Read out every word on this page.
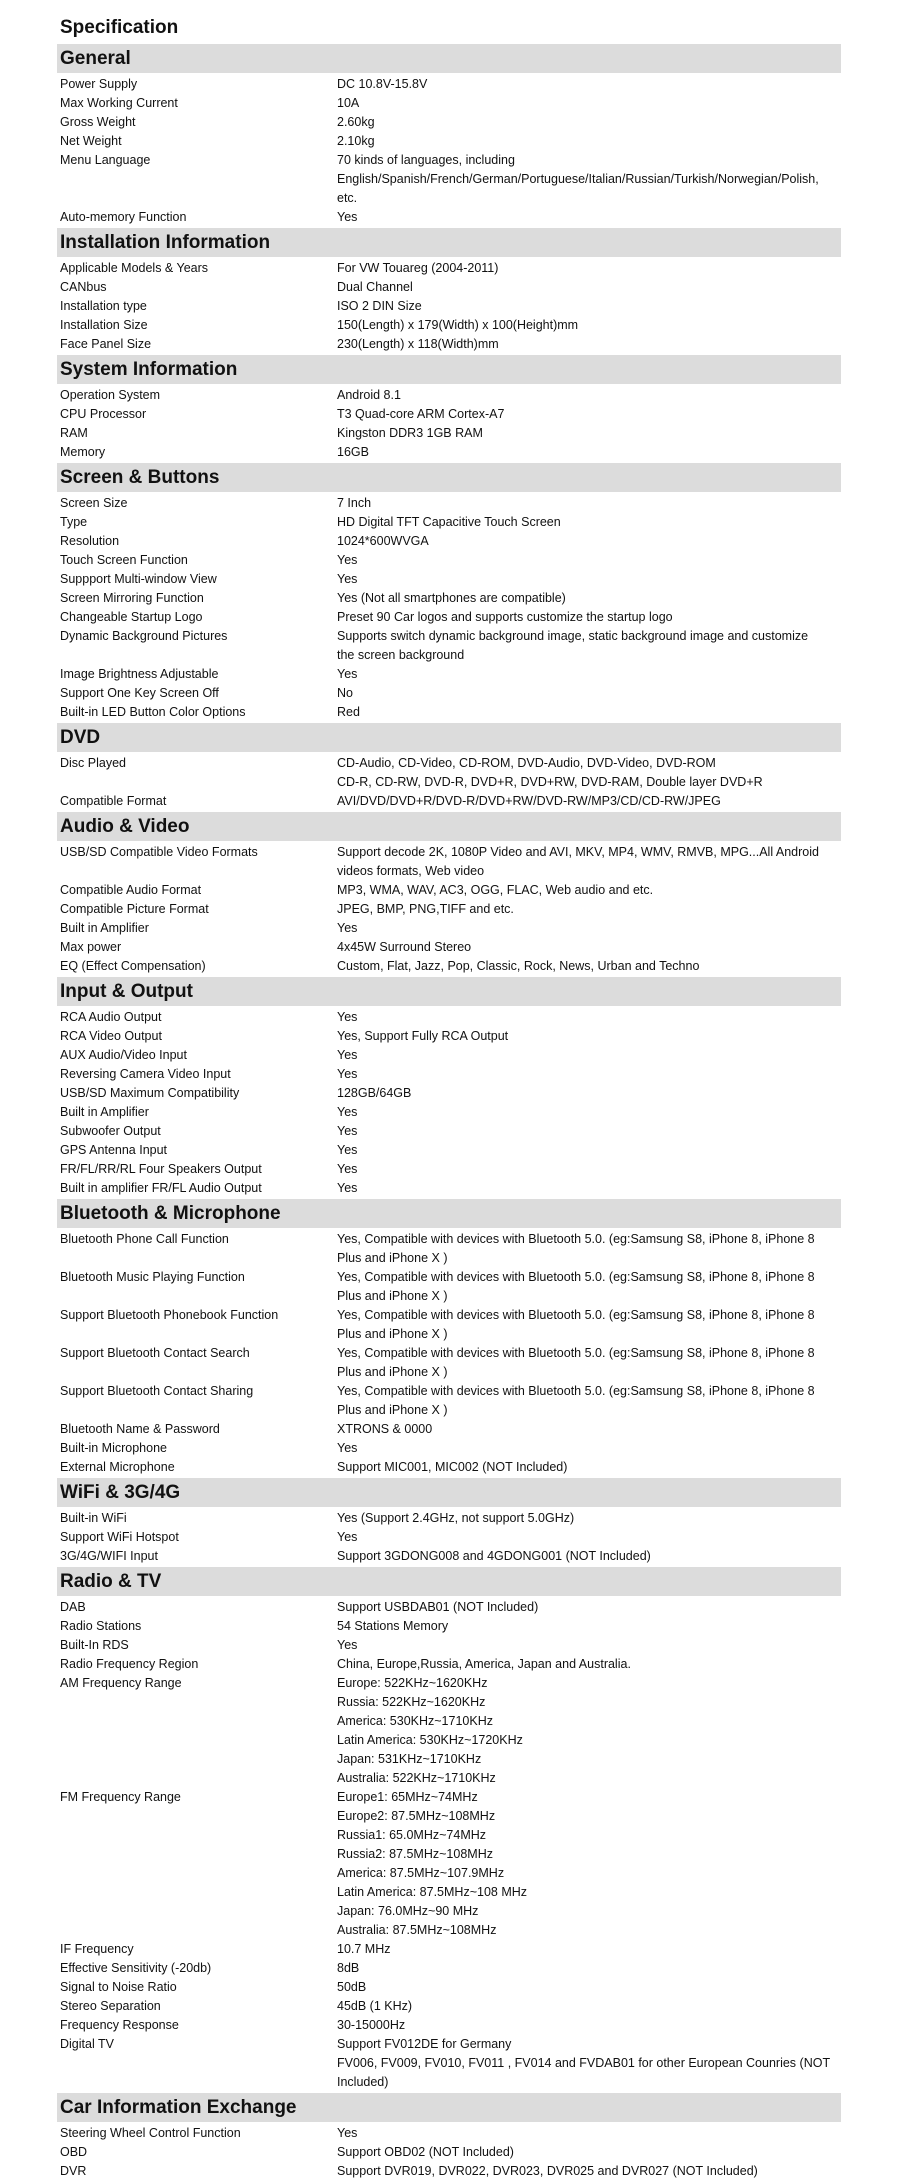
Specification
General
Power Supply	DC 10.8V-15.8V
Max Working Current	10A
Gross Weight	2.60kg
Net Weight	2.10kg
Menu Language	70 kinds of languages, including
English/Spanish/French/German/Portuguese/Italian/Russian/Turkish/Norwegian/Polish,
etc.
Auto-memory Function	Yes
Installation Information
Applicable Models & Years	For VW Touareg (2004-2011)
CANbus	Dual Channel
Installation type	ISO 2 DIN Size
Installation Size	150(Length) x 179(Width) x 100(Height)mm
Face Panel Size	230(Length) x 118(Width)mm
System Information
Operation System	Android 8.1
CPU Processor	T3 Quad-core ARM Cortex-A7
RAM	Kingston DDR3 1GB RAM
Memory	16GB
Screen & Buttons
Screen Size	7 Inch
Type	HD Digital TFT Capacitive Touch Screen
Resolution	1024*600WVGA
Touch Screen Function	Yes
Suppport Multi-window View	Yes
Screen Mirroring Function	Yes (Not all smartphones are compatible)
Changeable Startup Logo	Preset 90 Car logos and supports customize the startup logo
Dynamic Background Pictures	Supports switch dynamic background image, static background image and customize
the screen background
Image Brightness Adjustable	Yes
Support One Key Screen Off	No
Built-in LED Button Color Options	Red
DVD
Disc Played	CD-Audio, CD-Video, CD-ROM, DVD-Audio, DVD-Video, DVD-ROM
CD-R, CD-RW, DVD-R, DVD+R, DVD+RW, DVD-RAM, Double layer DVD+R
Compatible Format	AVI/DVD/DVD+R/DVD-R/DVD+RW/DVD-RW/MP3/CD/CD-RW/JPEG
Audio & Video
USB/SD Compatible Video Formats	Support decode 2K, 1080P Video and AVI, MKV, MP4, WMV, RMVB, MPG...All Android
videos formats, Web video
Compatible Audio Format	MP3, WMA, WAV, AC3, OGG, FLAC, Web audio and etc.
Compatible Picture Format	JPEG, BMP, PNG,TIFF and etc.
Built in Amplifier	Yes
Max power	4x45W Surround Stereo
EQ (Effect Compensation)	Custom, Flat, Jazz, Pop, Classic, Rock, News, Urban and Techno
Input & Output
RCA Audio Output	Yes
RCA Video Output	Yes, Support Fully RCA Output
AUX Audio/Video Input	Yes
Reversing Camera Video Input	Yes
USB/SD Maximum Compatibility	128GB/64GB
Built in Amplifier	Yes
Subwoofer Output	Yes
GPS Antenna Input	Yes
FR/FL/RR/RL Four Speakers Output	Yes
Built in amplifier FR/FL Audio Output	Yes
Bluetooth & Microphone
Bluetooth Phone Call Function	Yes, Compatible with devices with Bluetooth 5.0. (eg:Samsung S8, iPhone 8, iPhone 8
Plus and iPhone X )
Bluetooth Music Playing Function	Yes, Compatible with devices with Bluetooth 5.0. (eg:Samsung S8, iPhone 8, iPhone 8
Plus and iPhone X )
Support Bluetooth Phonebook Function	Yes, Compatible with devices with Bluetooth 5.0. (eg:Samsung S8, iPhone 8, iPhone 8
Plus and iPhone X )
Support Bluetooth Contact Search	Yes, Compatible with devices with Bluetooth 5.0. (eg:Samsung S8, iPhone 8, iPhone 8
Plus and iPhone X )
Support Bluetooth Contact Sharing	Yes, Compatible with devices with Bluetooth 5.0. (eg:Samsung S8, iPhone 8, iPhone 8
Plus and iPhone X )
Bluetooth Name & Password	XTRONS & 0000
Built-in Microphone	Yes
External Microphone	Support MIC001, MIC002 (NOT Included)
WiFi & 3G/4G
Built-in WiFi	Yes (Support 2.4GHz, not support 5.0GHz)
Support WiFi Hotspot	Yes
3G/4G/WIFI Input	Support 3GDONG008 and 4GDONG001 (NOT Included)
Radio & TV
DAB	Support USBDAB01 (NOT Included)
Radio Stations	54 Stations Memory
Built-In RDS	Yes
Radio Frequency Region	China, Europe,Russia, America, Japan and Australia.
AM Frequency Range	Europe: 522KHz~1620KHz
Russia: 522KHz~1620KHz
America: 530KHz~1710KHz
Latin America: 530KHz~1720KHz
Japan: 531KHz~1710KHz
Australia: 522KHz~1710KHz
FM Frequency Range	Europe1: 65MHz~74MHz
Europe2: 87.5MHz~108MHz
Russia1: 65.0MHz~74MHz
Russia2: 87.5MHz~108MHz
America: 87.5MHz~107.9MHz
Latin America: 87.5MHz~108 MHz
Japan: 76.0MHz~90 MHz
Australia: 87.5MHz~108MHz
IF Frequency	10.7 MHz
Effective Sensitivity (-20db)	8dB
Signal to Noise Ratio	50dB
Stereo Separation	45dB (1 KHz)
Frequency Response	30-15000Hz
Digital TV	Support FV012DE for Germany
FV006, FV009, FV010, FV011 , FV014 and FVDAB01 for other European Counries (NOT
Included)
Car Information Exchange
Steering Wheel Control Function	Yes
OBD	Support OBD02 (NOT Included)
DVR	Support DVR019, DVR022, DVR023, DVR025 and DVR027 (NOT Included)
